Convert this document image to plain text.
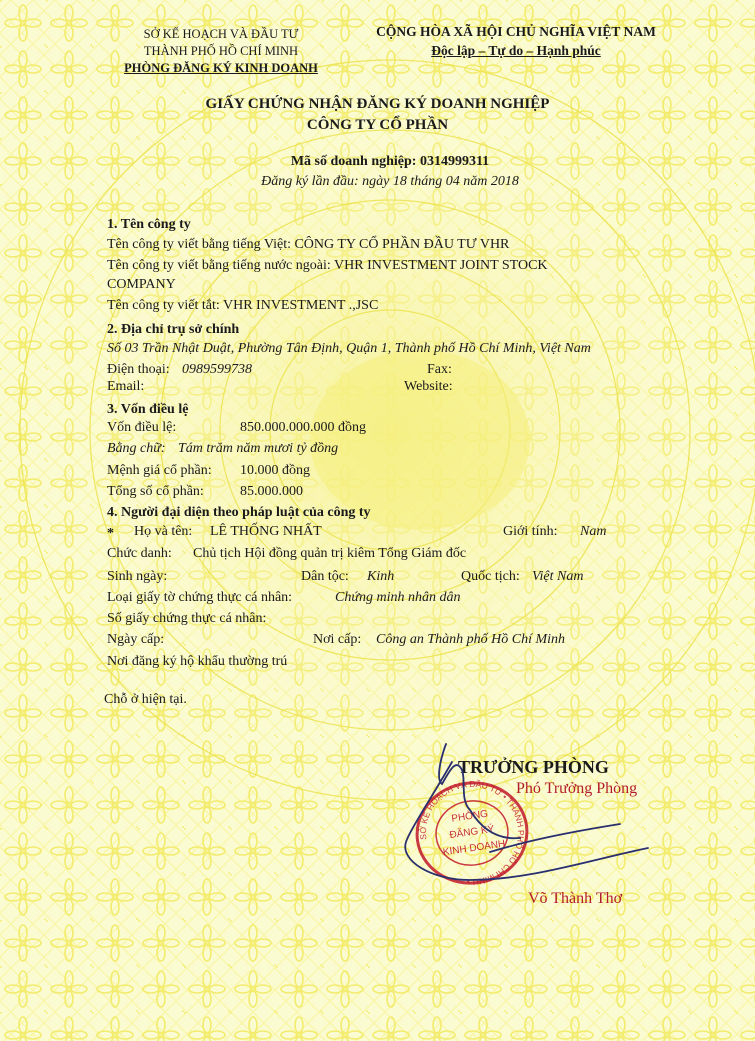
SỞ KẾ HOẠCH VÀ ĐẦU TƯ
THÀNH PHỐ HỒ CHÍ MINH
PHÒNG ĐĂNG KÝ KINH DOANH
CỘNG HÒA XÃ HỘI CHỦ NGHĨA VIỆT NAM
Độc lập – Tự do – Hạnh phúc
GIẤY CHỨNG NHẬN ĐĂNG KÝ DOANH NGHIỆP
CÔNG TY CỔ PHẦN
Mã số doanh nghiệp: 0314999311
Đăng ký lần đầu: ngày 18 tháng 04 năm 2018
1. Tên công ty
Tên công ty viết bằng tiếng Việt: CÔNG TY CỔ PHẦN ĐẦU TƯ VHR
Tên công ty viết bằng tiếng nước ngoài: VHR INVESTMENT JOINT STOCK
COMPANY
Tên công ty viết tắt: VHR INVESTMENT .,JSC
2. Địa chỉ trụ sở chính
Số 03 Trần Nhật Duật, Phường Tân Định, Quận 1, Thành phố Hồ Chí Minh, Việt Nam
Điện thoại: 0989599738	Fax:
Email:	Website:
3. Vốn điều lệ
Vốn điều lệ:	850.000.000.000 đồng
Bằng chữ: Tám trăm năm mươi tỷ đồng
Mệnh giá cổ phần: 10.000 đồng
Tổng số cổ phần:	85.000.000
4. Người đại diện theo pháp luật của công ty
* Họ và tên: LÊ THỐNG NHẤT	Giới tính: Nam
Chức danh: Chủ tịch Hội đồng quản trị kiêm Tổng Giám đốc
Sinh ngày:	Dân tộc: Kinh	Quốc tịch: Việt Nam
Loại giấy tờ chứng thực cá nhân:	Chứng minh nhân dân
Số giấy chứng thực cá nhân:
Ngày cấp:	Nơi cấp: Công an Thành phố Hồ Chí Minh
Nơi đăng ký hộ khẩu thường trú
Chỗ ở hiện tại.
TRƯỞNG PHÒNG
Phó Trưởng Phòng
Võ Thành Thơ
SỞ KẾ HOẠCH VÀ ĐẦU TƯ • THÀNH PHỐ HỒ CHÍ MINH •
PHÒNG
ĐĂNG KÝ
KINH DOANH
